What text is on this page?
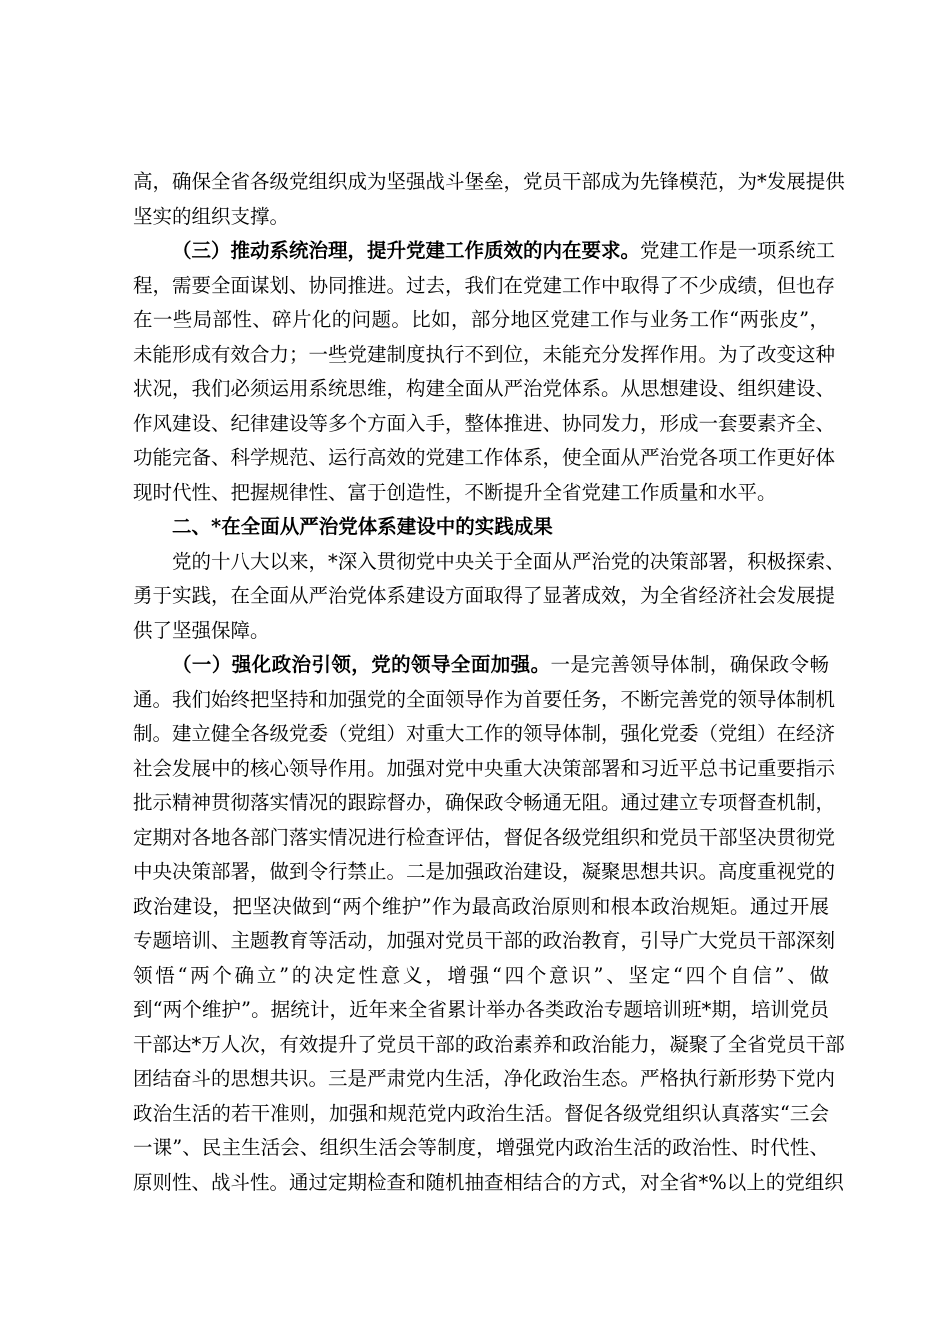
高，确保全省各级党组织成为坚强战斗堡垒，党员干部成为先锋模范，为*发展提供
坚实的组织支撑。
（三）推动系统治理，提升党建工作质效的内在要求。党建工作是一项系统工
程，需要全面谋划、协同推进。过去，我们在党建工作中取得了不少成绩，但也存
在一些局部性、碎片化的问题。比如，部分地区党建工作与业务工作“两张皮”，
未能形成有效合力；一些党建制度执行不到位，未能充分发挥作用。为了改变这种
状况，我们必须运用系统思维，构建全面从严治党体系。从思想建设、组织建设、
作风建设、纪律建设等多个方面入手，整体推进、协同发力，形成一套要素齐全、
功能完备、科学规范、运行高效的党建工作体系，使全面从严治党各项工作更好体
现时代性、把握规律性、富于创造性，不断提升全省党建工作质量和水平。
二、*在全面从严治党体系建设中的实践成果
党的十八大以来，*深入贯彻党中央关于全面从严治党的决策部署，积极探索、
勇于实践，在全面从严治党体系建设方面取得了显著成效，为全省经济社会发展提
供了坚强保障。
（一）强化政治引领，党的领导全面加强。一是完善领导体制，确保政令畅
通。我们始终把坚持和加强党的全面领导作为首要任务，不断完善党的领导体制机
制。建立健全各级党委（党组）对重大工作的领导体制，强化党委（党组）在经济
社会发展中的核心领导作用。加强对党中央重大决策部署和习近平总书记重要指示
批示精神贯彻落实情况的跟踪督办，确保政令畅通无阻。通过建立专项督查机制，
定期对各地各部门落实情况进行检查评估，督促各级党组织和党员干部坚决贯彻党
中央决策部署，做到令行禁止。二是加强政治建设，凝聚思想共识。高度重视党的
政治建设，把坚决做到“两个维护”作为最高政治原则和根本政治规矩。通过开展
专题培训、主题教育等活动，加强对党员干部的政治教育，引导广大党员干部深刻
领悟“两个确立”的决定性意义，增强“四个意识”、坚定“四个自信”、做
到“两个维护”。据统计，近年来全省累计举办各类政治专题培训班*期，培训党员
干部达*万人次，有效提升了党员干部的政治素养和政治能力，凝聚了全省党员干部
团结奋斗的思想共识。三是严肃党内生活，净化政治生态。严格执行新形势下党内
政治生活的若干准则，加强和规范党内政治生活。督促各级党组织认真落实“三会
一课”、民主生活会、组织生活会等制度，增强党内政治生活的政治性、时代性、
原则性、战斗性。通过定期检查和随机抽查相结合的方式，对全省*%以上的党组织
